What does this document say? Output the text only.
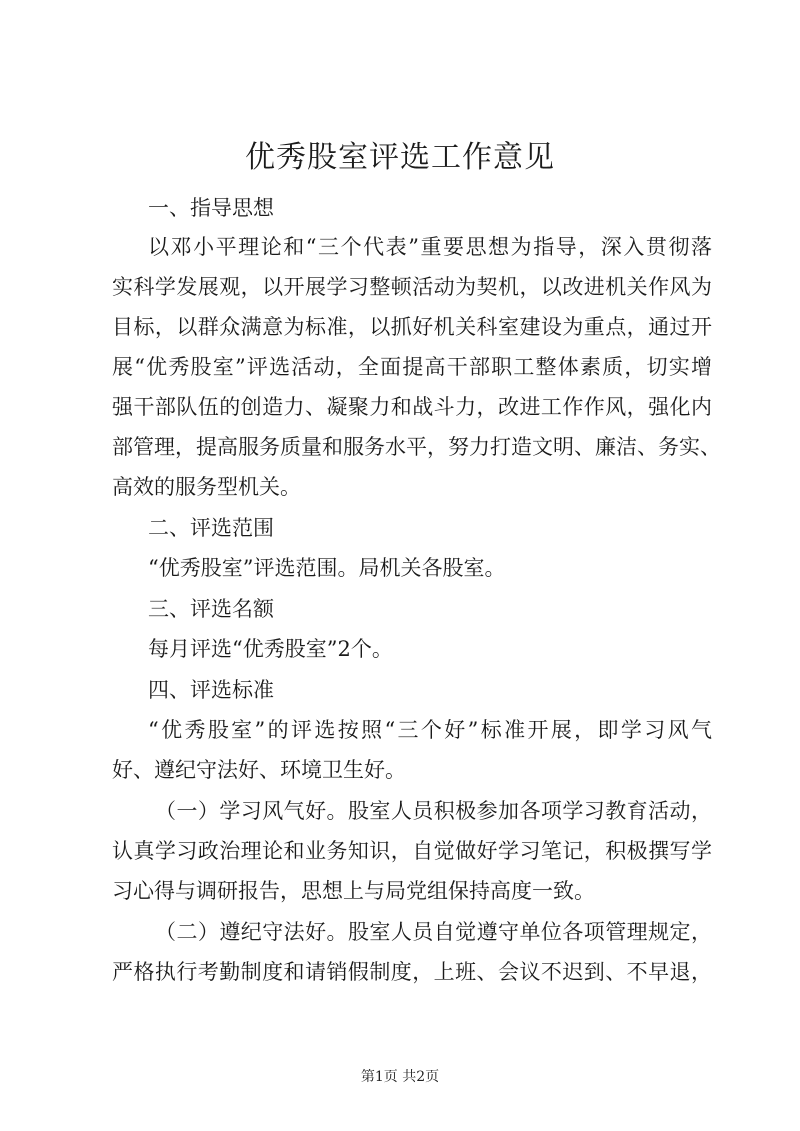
优秀股室评选工作意见
一、指导思想
以邓小平理论和“三个代表”重要思想为指导，深入贯彻落
实科学发展观，以开展学习整顿活动为契机，以改进机关作风为
目标，以群众满意为标准，以抓好机关科室建设为重点，通过开
展“优秀股室”评选活动，全面提高干部职工整体素质，切实增
强干部队伍的创造力、凝聚力和战斗力，改进工作作风，强化内
部管理，提高服务质量和服务水平，努力打造文明、廉洁、务实、
高效的服务型机关。
二、评选范围
“优秀股室”评选范围。局机关各股室。
三、评选名额
每月评选“优秀股室”2个。
四、评选标准
“优秀股室”的评选按照“三个好”标准开展，即学习风气
好、遵纪守法好、环境卫生好。
（一）学习风气好。股室人员积极参加各项学习教育活动，
认真学习政治理论和业务知识，自觉做好学习笔记，积极撰写学
习心得与调研报告，思想上与局党组保持高度一致。
（二）遵纪守法好。股室人员自觉遵守单位各项管理规定，
严格执行考勤制度和请销假制度，上班、会议不迟到、不早退，
第1页 共2页
